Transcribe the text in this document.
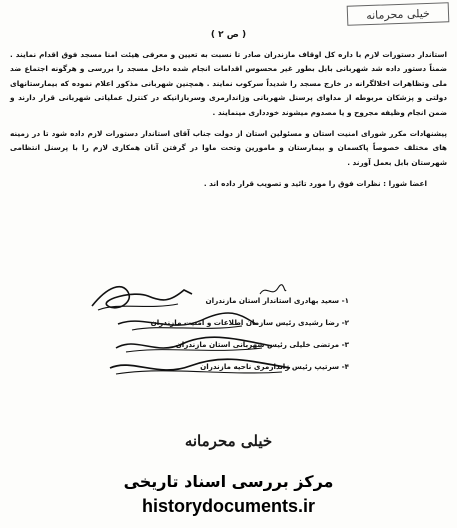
خیلی محرمانه
( ص ۲ )

استاندار دستورات لازم با داره کل اوقاف مازندران صادر تا نسبت به تعیین و معرفی هیئت امنا مسجد فوق اقدام نمایند . ضمناً دستور داده شد شهربانی بابل بطور غیر محسوس اقدامات انجام شده داخل مسجد را بررسی و هرگونه اجتماع ضد ملی وتظاهرات اخلالگرانه در خارج مسجد را شدیداً سرکوب نمایند . همچنین شهربانی مذکور اعلام نموده که بیمارستانهای دولتی و پزشکان مربوطه از مداوای پرسنل شهربانی وژاندارمری وسربازانیکه در کنترل عملیاتی شهربانی قرار دارند و ضمن انجام وظیفه مجروح و یا مصدوم میشوند خودداری مینمایند .

پیشنهادات مکرر شورای امنیت استان و مسئولین استان از دولت جناب آقای استاندار دستورات لازم داده شود تا در زمینه های مختلف خصوصاً پاکسمان و بیمارستان و مامورین وتحت ماوا در گرفتن آنان همکاری لازم را با پرسنل انتظامی شهرستان بابل بعمل آورند .

اعضا شورا : نظرات فوق را مورد تائید و تصویب قرار داده اند .

۱- سعید بهادری استاندار استان مازندران
۲- رضا رشیدی رئیس سازمان اطلاعات و امنیت مازندران
۳- مرتضی خلیلی رئیس شهربانی استان مازندران
۴- سرتیپ رئیس ژاندارمری ناحیه مازندران
خیلی محرمانه
مرکز بررسی اسناد تاریخی
historydocuments.ir
